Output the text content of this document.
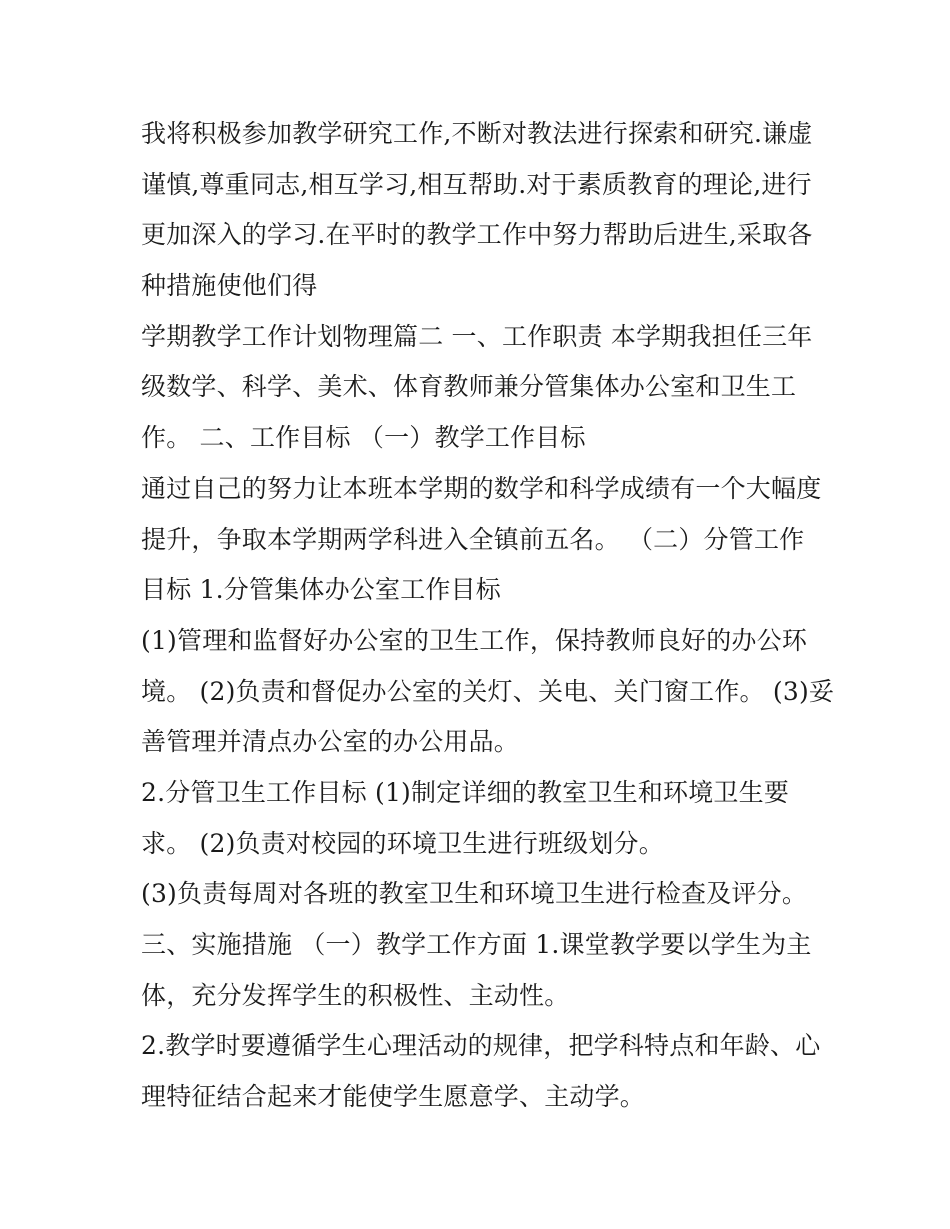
我将积极参加教学研究工作,不断对教法进行探索和研究.谦虚
谨慎,尊重同志,相互学习,相互帮助.对于素质教育的理论,进行
更加深入的学习.在平时的教学工作中努力帮助后进生,采取各
种措施使他们得
学期教学工作计划物理篇二 一、工作职责 本学期我担任三年
级数学、科学、美术、体育教师兼分管集体办公室和卫生工
作。 二、工作目标 （一）教学工作目标
通过自己的努力让本班本学期的数学和科学成绩有一个大幅度
提升，争取本学期两学科进入全镇前五名。 （二）分管工作
目标 1.分管集体办公室工作目标
(1)管理和监督好办公室的卫生工作，保持教师良好的办公环
境。 (2)负责和督促办公室的关灯、关电、关门窗工作。 (3)妥
善管理并清点办公室的办公用品。
2.分管卫生工作目标 (1)制定详细的教室卫生和环境卫生要
求。 (2)负责对校园的环境卫生进行班级划分。
(3)负责每周对各班的教室卫生和环境卫生进行检查及评分。
三、实施措施 （一）教学工作方面 1.课堂教学要以学生为主
体，充分发挥学生的积极性、主动性。
2.教学时要遵循学生心理活动的规律，把学科特点和年龄、心
理特征结合起来才能使学生愿意学、主动学。
